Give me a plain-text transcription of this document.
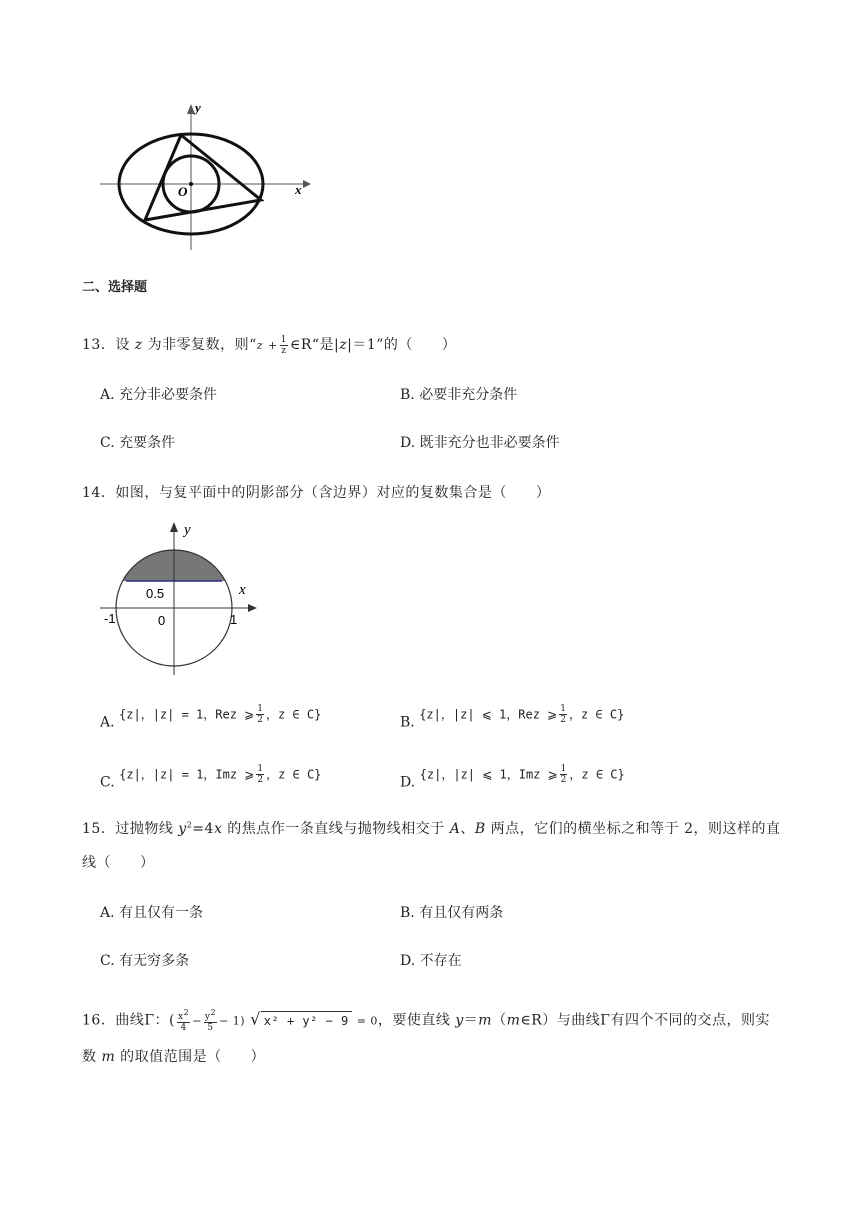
y
x
O
二、选择题
13．设 z 为非零复数，则“$z + \frac{1}{z}$ ∈R“是|z|＝1”的（　　）
A. 充分非必要条件	B. 必要非充分条件
C. 充要条件	D. 既非充分也非必要条件
14．如图，与复平面中的阴影部分（含边界）对应的复数集合是（　　）
y
x
0.5
-1	0	1
A. {z|，|z| = 1，Rez ⩾ $\frac{1}{2}$ ，z ∈ C}	B. {z|，|z| ⩽ 1，Rez ⩾ $\frac{1}{2}$ ，z ∈ C}
C. {z|，|z| = 1，Imz ⩾ $\frac{1}{2}$ ，z ∈ C}	D. {z|，|z| ⩽ 1，Imz ⩾ $\frac{1}{2}$ ，z ∈ C}
15．过抛物线 $y^2=4x$ 的焦点作一条直线与抛物线相交于 A、B 两点，它们的横坐标之和等于 2，则这样的直
线（　　）
A. 有且仅有一条	B. 有且仅有两条
C. 有无穷多条	D. 不存在
16．曲线Γ：( $\frac{x2}{4} - \frac{y2}{5} - 1$) √ x² + y² − 9 = 0，要使直线 y＝m（m∈R）与曲线Γ有四个不同的交点，则实
数 m 的取值范围是（　　）
